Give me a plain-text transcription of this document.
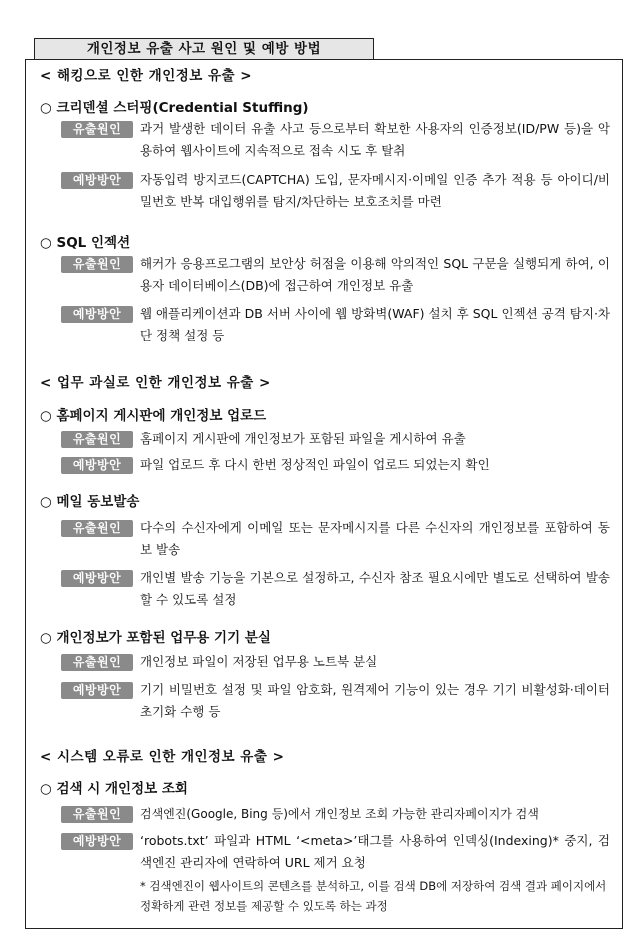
개인정보 유출 사고 원인 및 예방 방법
< 해킹으로 인한 개인정보 유출 >
○ 크리덴셜 스터핑(Credential Stuffing)
유출원인	과거 발생한 데이터 유출 사고 등으로부터 확보한 사용자의 인증정보(ID/PW 등)을 악용하여 웹사이트에 지속적으로 접속 시도 후 탈취
예방방안	자동입력 방지코드(CAPTCHA) 도입, 문자메시지·이메일 인증 추가 적용 등 아이디/비밀번호 반복 대입행위를 탐지/차단하는 보호조치를 마련
○ SQL 인젝션
유출원인	해커가 응용프로그램의 보안상 허점을 이용해 악의적인 SQL 구문을 실행되게 하여, 이용자 데이터베이스(DB)에 접근하여 개인정보 유출
예방방안	웹 애플리케이션과 DB 서버 사이에 웹 방화벽(WAF) 설치 후 SQL 인젝션 공격 탐지·차단 정책 설정 등
< 업무 과실로 인한 개인정보 유출 >
○ 홈페이지 게시판에 개인정보 업로드
유출원인	홈페이지 게시판에 개인정보가 포함된 파일을 게시하여 유출
예방방안	파일 업로드 후 다시 한번 정상적인 파일이 업로드 되었는지 확인
○ 메일 동보발송
유출원인	다수의 수신자에게 이메일 또는 문자메시지를 다른 수신자의 개인정보를 포함하여 동보 발송
예방방안	개인별 발송 기능을 기본으로 설정하고, 수신자 참조 필요시에만 별도로 선택하여 발송할 수 있도록 설정
○ 개인정보가 포함된 업무용 기기 분실
유출원인	개인정보 파일이 저장된 업무용 노트북 분실
예방방안	기기 비밀번호 설정 및 파일 암호화, 원격제어 기능이 있는 경우 기기 비활성화·데이터 초기화 수행 등
< 시스템 오류로 인한 개인정보 유출 >
○ 검색 시 개인정보 조회
유출원인	검색엔진(Google, Bing 등)에서 개인정보 조회 가능한 관리자페이지가 검색
예방방안	‘robots.txt’ 파일과 HTML ‘<meta>’태그를 사용하여 인덱싱(Indexing)* 중지, 검색엔진 관리자에 연락하여 URL 제거 요청
* 검색엔진이 웹사이트의 콘텐츠를 분석하고, 이를 검색 DB에 저장하여 검색 결과 페이지에서 정확하게 관련 정보를 제공할 수 있도록 하는 과정
